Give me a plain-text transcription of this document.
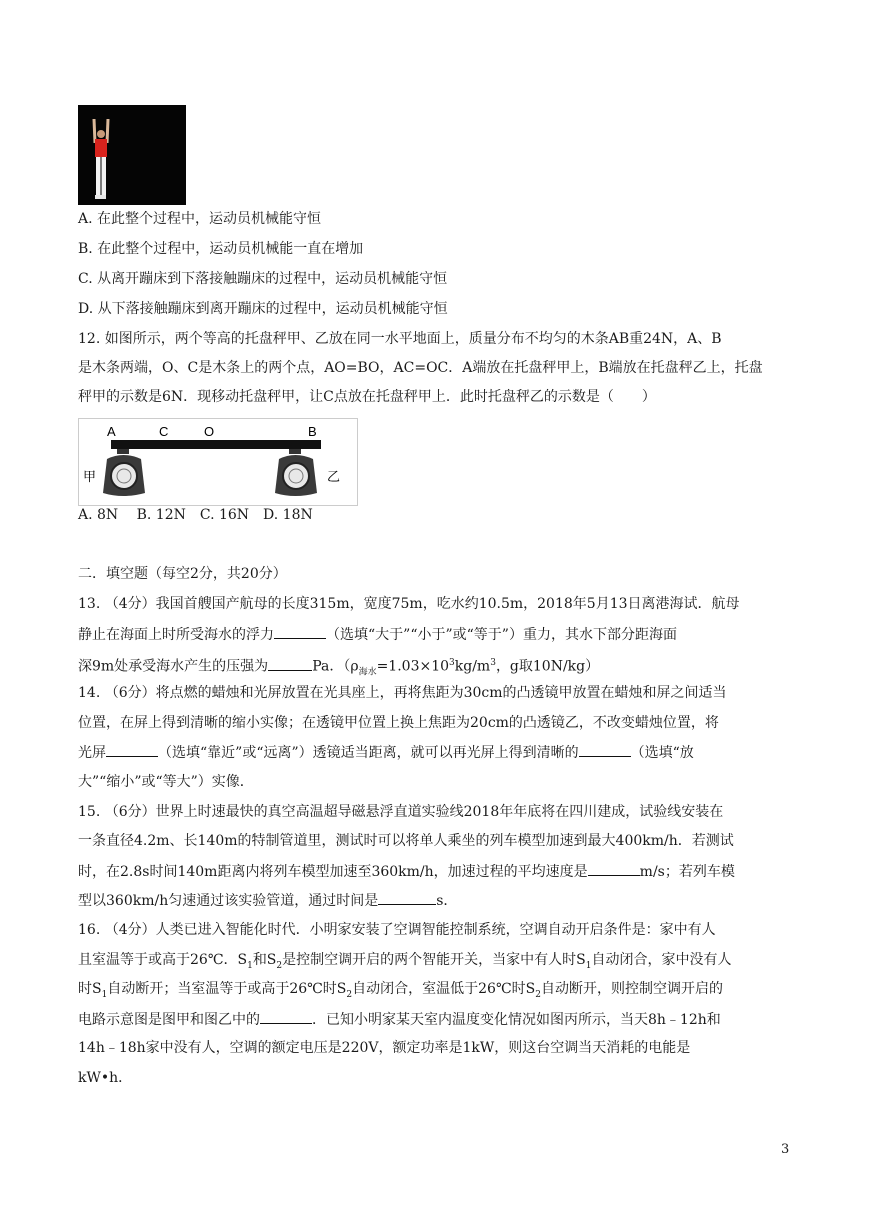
A. 在此整个过程中，运动员机械能守恒
B. 在此整个过程中，运动员机械能一直在增加
C. 从离开蹦床到下落接触蹦床的过程中，运动员机械能守恒
D. 从下落接触蹦床到离开蹦床的过程中，运动员机械能守恒
12. 如图所示，两个等高的托盘秤甲、乙放在同一水平地面上，质量分布不均匀的木条AB重24N，A、B
是木条两端，O、C是木条上的两个点，AO=BO，AC=OC．A端放在托盘秤甲上，B端放在托盘秤乙上，托盘
秤甲的示数是6N．现移动托盘秤甲，让C点放在托盘秤甲上．此时托盘秤乙的示数是（　　）
A	C	O	B
甲	乙
A. 8N　 B. 12N　C. 16N　D. 18N
二．填空题（每空2分，共20分）
13. （4分）我国首艘国产航母的长度315m，宽度75m，吃水约10.5m，2018年5月13日离港海试．航母
静止在海面上时所受海水的浮力	（选填“大于”“小于”或“等于”）重力，其水下部分距海面
深9m处承受海水产生的压强为	Pa．（$\rho_{海水}=1.03\times 10^3kg/m^3$，g取10N/kg）
14. （6分）将点燃的蜡烛和光屏放置在光具座上，再将焦距为30cm的凸透镜甲放置在蜡烛和屏之间适当
位置，在屏上得到清晰的缩小实像；在透镜甲位置上换上焦距为20cm的凸透镜乙，不改变蜡烛位置，将
光屏	（选填“靠近”或“远离”）透镜适当距离，就可以再光屏上得到清晰的	（选填“放
大”“缩小”或“等大”）实像．
15. （6分）世界上时速最快的真空高温超导磁悬浮直道实验线2018年年底将在四川建成，试验线安装在
一条直径4.2m、长140m的特制管道里，测试时可以将单人乘坐的列车模型加速到最大400km/h．若测试
时，在2.8s时间140m距离内将列车模型加速至360km/h，加速过程的平均速度是	m/s；若列车模
型以360km/h匀速通过该实验管道，通过时间是	s．
16. （4分）人类已进入智能化时代．小明家安装了空调智能控制系统，空调自动开启条件是：家中有人
且室温等于或高于26℃．$S_1$和$S_2$是控制空调开启的两个智能开关，当家中有人时$S_1$自动闭合，家中没有人
时$S_1$自动断开；当室温等于或高于26℃时$S_2$自动闭合，室温低于26℃时$S_2$自动断开，则控制空调开启的
电路示意图是图甲和图乙中的	．已知小明家某天室内温度变化情况如图丙所示，当天8h﹣12h和
14h﹣18h家中没有人，空调的额定电压是220V，额定功率是1kW，则这台空调当天消耗的电能是
kW•h．
3
